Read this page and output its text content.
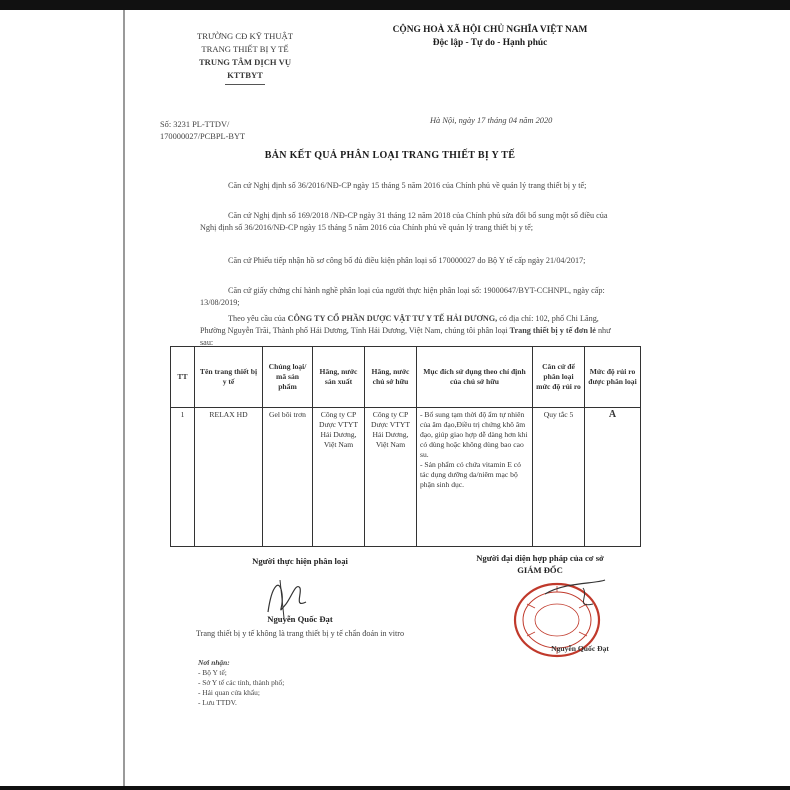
TRƯỜNG CĐ KỸ THUẬT
TRANG THIẾT BỊ Y TẾ
TRUNG TÂM DỊCH VỤ
KTTBYT
CỘNG HOÀ XÃ HỘI CHỦ NGHĨA VIỆT NAM
Độc lập - Tự do - Hạnh phúc
Số: 3231 PL-TTDV/
170000027/PCBPL-BYT
Hà Nội, ngày 17 tháng 04 năm 2020
BẢN KẾT QUẢ PHÂN LOẠI TRANG THIẾT BỊ Y TẾ
Căn cứ Nghị định số 36/2016/NĐ-CP ngày 15 tháng 5 năm 2016 của Chính phủ về quản lý trang thiết bị y tế;
Căn cứ Nghị định số 169/2018 /NĐ-CP ngày 31 tháng 12 năm 2018 của Chính phủ sửa đổi bổ sung một số điều của Nghị định số 36/2016/NĐ-CP ngày 15 tháng 5 năm 2016 của Chính phủ về quản lý trang thiết bị y tế;
Căn cứ Phiếu tiếp nhận hồ sơ công bố đủ điều kiện phân loại số 170000027 do Bộ Y tế cấp ngày 21/04/2017;
Căn cứ giấy chứng chỉ hành nghề phân loại của người thực hiện phân loại số: 19000647/BYT-CCHNPL, ngày cấp: 13/08/2019;
Theo yêu cầu của CÔNG TY CỔ PHẦN DƯỢC VẬT TƯ Y TẾ HẢI DƯƠNG, có địa chỉ: 102, phố Chi Lăng, Phường Nguyễn Trãi, Thành phố Hải Dương, Tỉnh Hải Dương, Việt Nam, chúng tôi phân loại Trang thiết bị y tế đơn lẻ như sau:
TT	Tên trang thiết bị y tế	Chủng loại/ mã sản phẩm	Hãng, nước sản xuất	Hãng, nước chủ sở hữu	Mục đích sử dụng theo chỉ định của chủ sở hữu	Căn cứ để phân loại mức độ rủi ro	Mức độ rủi ro được phân loại
1	RELAX HD	Gel bôi trơn	Công ty CP Dược VTYT Hải Dương, Việt Nam	Công ty CP Dược VTYT Hải Dương, Việt Nam	- Bổ sung tạm thời độ ẩm tự nhiên của âm đạo,Điều trị chứng khô âm đạo, giúp giao hợp dễ dàng hơn khi có dùng hoặc không dùng bao cao su.
- Sản phẩm có chứa vitamin E có tác dụng dưỡng da/niêm mạc bộ phận sinh dục.	Quy tắc 5	A
Người thực hiện phân loại
Nguyễn Quốc Đạt
Trang thiết bị y tế không là trang thiết bị y tế chẩn đoán in vitro
Người đại diện hợp pháp của cơ sở
GIÁM ĐỐC
Nguyễn Quốc Đạt
Nơi nhận:
- Bộ Y tế;
- Sở Y tế các tỉnh, thành phố;
- Hải quan cửa khẩu;
- Lưu TTDV.
